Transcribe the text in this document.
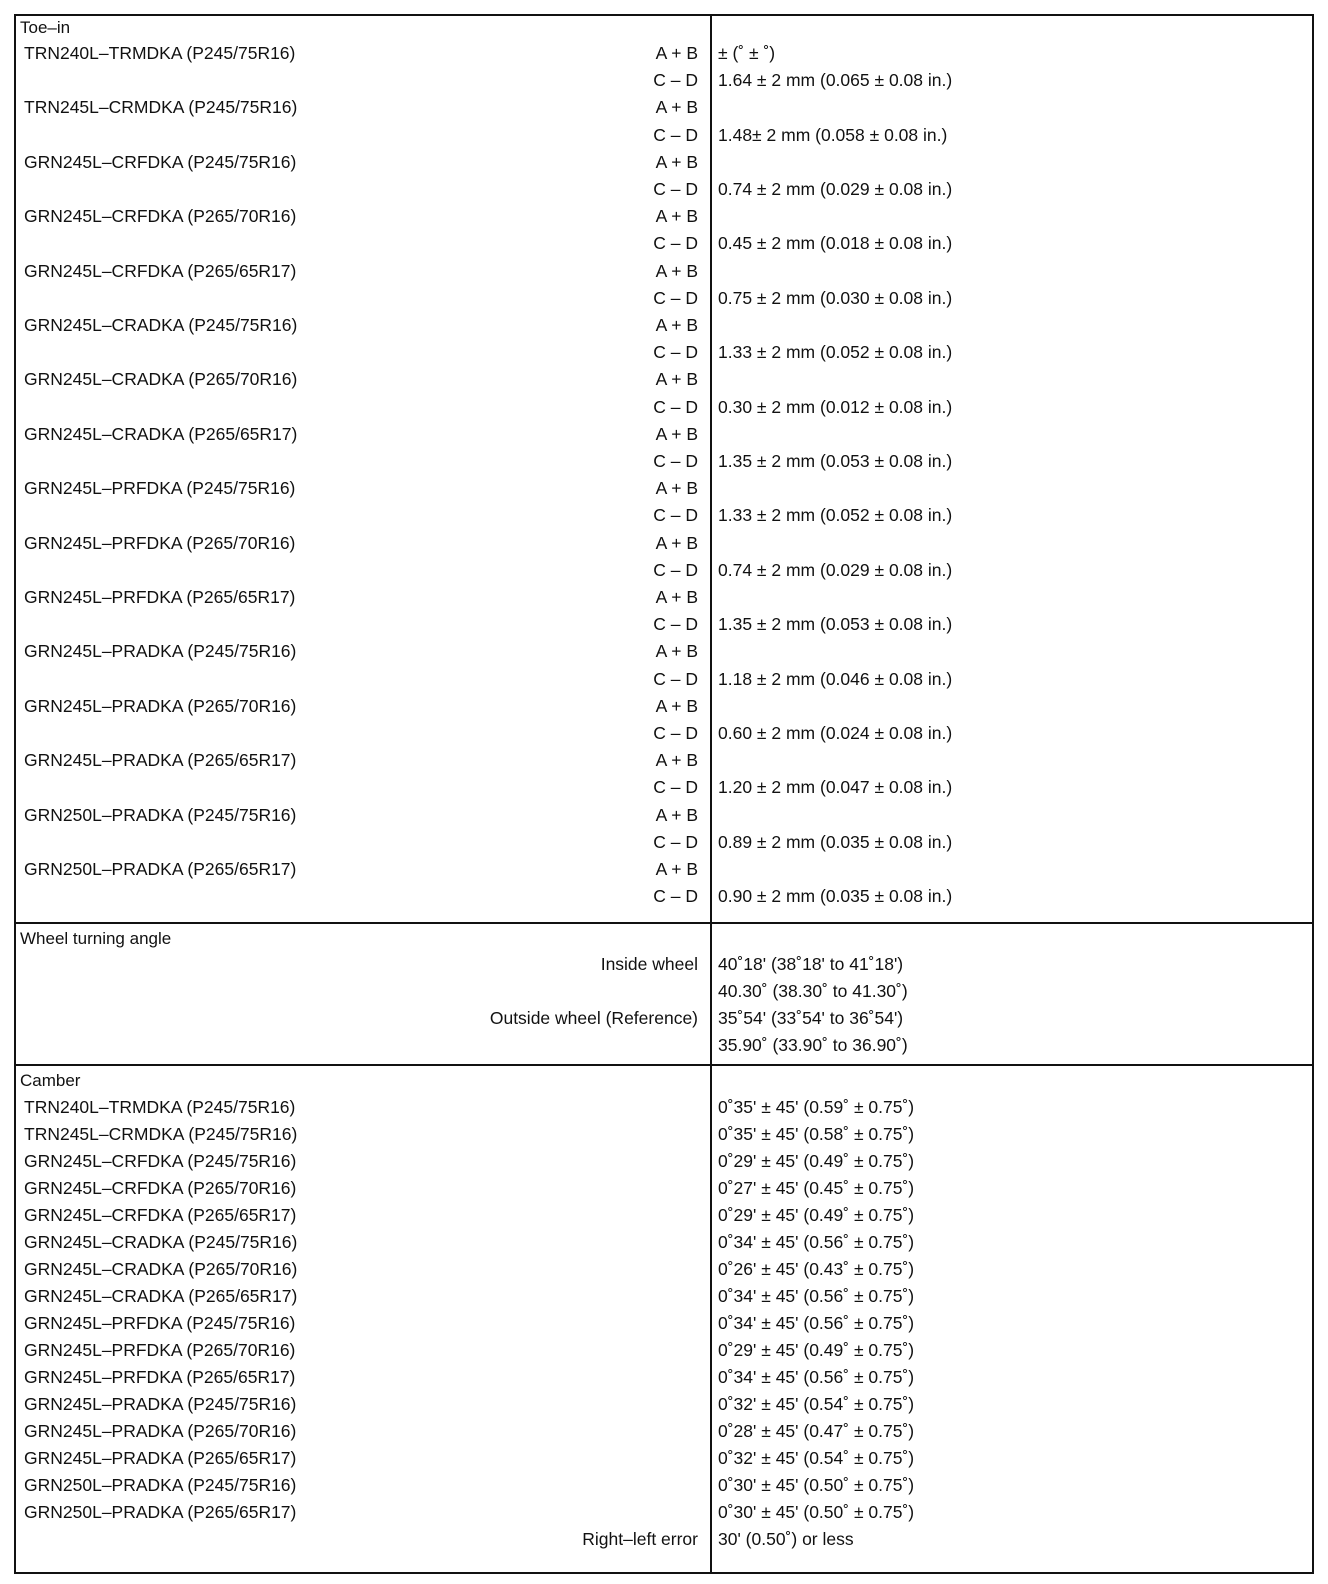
Toe–in
TRN240L–TRMDKA (P245/75R16)	A + B ± (˚ ± ˚)
C – D 1.64 ± 2 mm (0.065 ± 0.08 in.)
TRN245L–CRMDKA (P245/75R16)	A + B
C – D 1.48± 2 mm (0.058 ± 0.08 in.)
GRN245L–CRFDKA (P245/75R16)	A + B
C – D 0.74 ± 2 mm (0.029 ± 0.08 in.)
GRN245L–CRFDKA (P265/70R16)	A + B
C – D 0.45 ± 2 mm (0.018 ± 0.08 in.)
GRN245L–CRFDKA (P265/65R17)	A + B
C – D 0.75 ± 2 mm (0.030 ± 0.08 in.)
GRN245L–CRADKA (P245/75R16)	A + B
C – D 1.33 ± 2 mm (0.052 ± 0.08 in.)
GRN245L–CRADKA (P265/70R16)	A + B
C – D 0.30 ± 2 mm (0.012 ± 0.08 in.)
GRN245L–CRADKA (P265/65R17)	A + B
C – D 1.35 ± 2 mm (0.053 ± 0.08 in.)
GRN245L–PRFDKA (P245/75R16)	A + B
C – D 1.33 ± 2 mm (0.052 ± 0.08 in.)
GRN245L–PRFDKA (P265/70R16)	A + B
C – D 0.74 ± 2 mm (0.029 ± 0.08 in.)
GRN245L–PRFDKA (P265/65R17)	A + B
C – D 1.35 ± 2 mm (0.053 ± 0.08 in.)
GRN245L–PRADKA (P245/75R16)	A + B
C – D 1.18 ± 2 mm (0.046 ± 0.08 in.)
GRN245L–PRADKA (P265/70R16)	A + B
C – D 0.60 ± 2 mm (0.024 ± 0.08 in.)
GRN245L–PRADKA (P265/65R17)	A + B
C – D 1.20 ± 2 mm (0.047 ± 0.08 in.)
GRN250L–PRADKA (P245/75R16)	A + B
C – D 0.89 ± 2 mm (0.035 ± 0.08 in.)
GRN250L–PRADKA (P265/65R17)	A + B
C – D 0.90 ± 2 mm (0.035 ± 0.08 in.)
Wheel turning angle
Inside wheel 40˚18' (38˚18' to 41˚18')
40.30˚ (38.30˚ to 41.30˚)
Outside wheel (Reference) 35˚54' (33˚54' to 36˚54')
35.90˚ (33.90˚ to 36.90˚)
Camber
TRN240L–TRMDKA (P245/75R16)	0˚35' ± 45' (0.59˚ ± 0.75˚)
TRN245L–CRMDKA (P245/75R16)	0˚35' ± 45' (0.58˚ ± 0.75˚)
GRN245L–CRFDKA (P245/75R16)	0˚29' ± 45' (0.49˚ ± 0.75˚)
GRN245L–CRFDKA (P265/70R16)	0˚27' ± 45' (0.45˚ ± 0.75˚)
GRN245L–CRFDKA (P265/65R17)	0˚29' ± 45' (0.49˚ ± 0.75˚)
GRN245L–CRADKA (P245/75R16)	0˚34' ± 45' (0.56˚ ± 0.75˚)
GRN245L–CRADKA (P265/70R16)	0˚26' ± 45' (0.43˚ ± 0.75˚)
GRN245L–CRADKA (P265/65R17)	0˚34' ± 45' (0.56˚ ± 0.75˚)
GRN245L–PRFDKA (P245/75R16)	0˚34' ± 45' (0.56˚ ± 0.75˚)
GRN245L–PRFDKA (P265/70R16)	0˚29' ± 45' (0.49˚ ± 0.75˚)
GRN245L–PRFDKA (P265/65R17)	0˚34' ± 45' (0.56˚ ± 0.75˚)
GRN245L–PRADKA (P245/75R16)	0˚32' ± 45' (0.54˚ ± 0.75˚)
GRN245L–PRADKA (P265/70R16)	0˚28' ± 45' (0.47˚ ± 0.75˚)
GRN245L–PRADKA (P265/65R17)	0˚32' ± 45' (0.54˚ ± 0.75˚)
GRN250L–PRADKA (P245/75R16)	0˚30' ± 45' (0.50˚ ± 0.75˚)
GRN250L–PRADKA (P265/65R17)	0˚30' ± 45' (0.50˚ ± 0.75˚)
Right–left error 30' (0.50˚) or less
